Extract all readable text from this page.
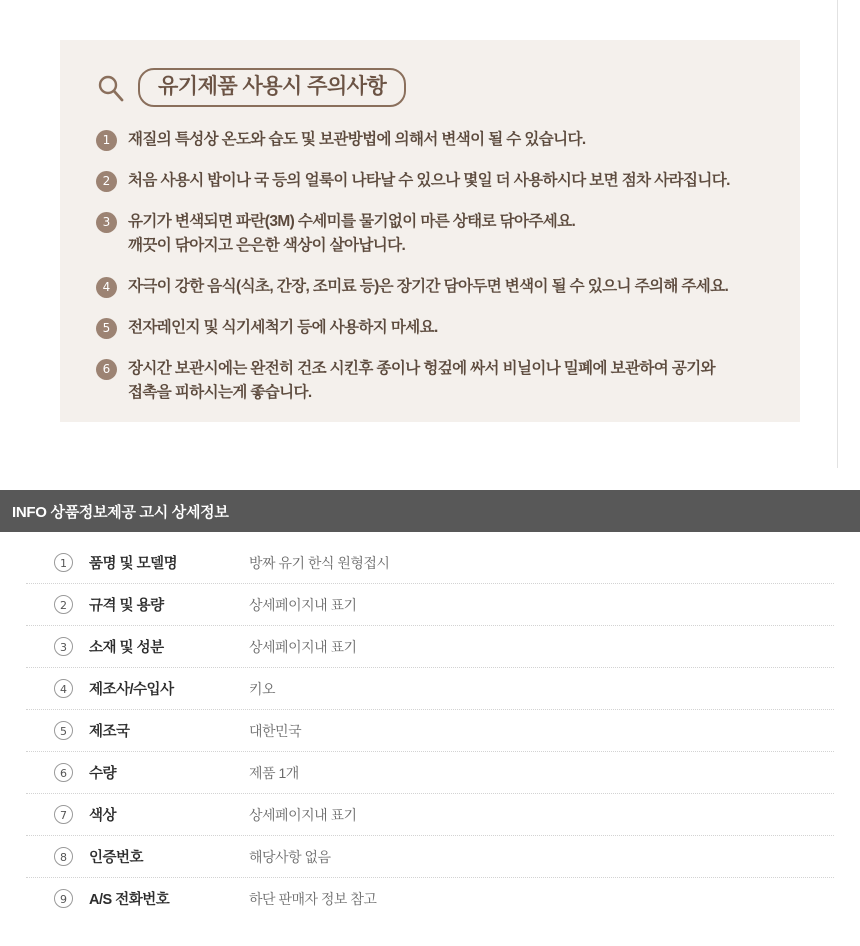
유기제품 사용시 주의사항
1	재질의 특성상 온도와 습도 및 보관방법에 의해서 변색이 될 수 있습니다.
2	처음 사용시 밥이나 국 등의 얼룩이 나타날 수 있으나 몇일 더 사용하시다 보면 점차 사라집니다.
3	유기가 변색되면 파란(3M) 수세미를 물기없이 마른 상태로 닦아주세요.
깨끗이 닦아지고 은은한 색상이 살아납니다.
4	자극이 강한 음식(식초, 간장, 조미료 등)은 장기간 담아두면 변색이 될 수 있으니 주의해 주세요.
5	전자레인지 및 식기세척기 등에 사용하지 마세요.
6	장시간 보관시에는 완전히 건조 시킨후 종이나 헝겊에 싸서 비닐이나 밀폐에 보관하여 공기와
접촉을 피하시는게 좋습니다.
INFO 상품정보제공 고시 상세정보
1	품명 및 모델명	방짜 유기 한식 원형접시
2	규격 및 용량	상세페이지내 표기
3	소재 및 성분	상세페이지내 표기
4	제조사/수입사	키오
5	제조국	대한민국
6	수량	제품 1개
7	색상	상세페이지내 표기
8	인증번호	해당사항 없음
9	A/S 전화번호	하단 판매자 정보 참고
